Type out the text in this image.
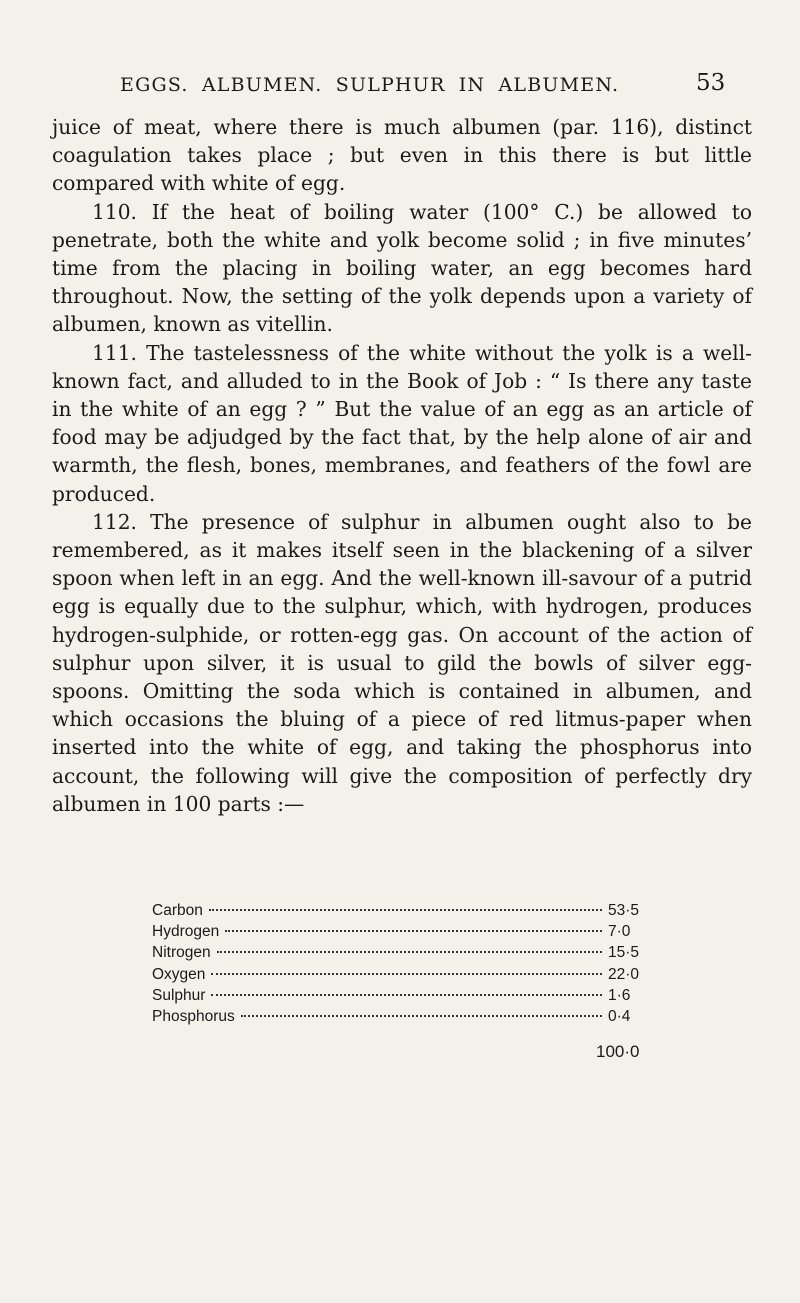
EGGS. ALBUMEN. SULPHUR IN ALBUMEN.	53

juice of meat, where there is much albumen (par. 116), distinct coagulation takes place ; but even in this there is but little compared with white of egg.

110. If the heat of boiling water (100° C.) be allowed to penetrate, both the white and yolk become solid ; in five minutes’ time from the placing in boiling water, an egg becomes hard throughout. Now, the setting of the yolk depends upon a variety of albumen, known as vitellin.

111. The tastelessness of the white without the yolk is a well-known fact, and alluded to in the Book of Job : “ Is there any taste in the white of an egg ? ” But the value of an egg as an article of food may be adjudged by the fact that, by the help alone of air and warmth, the flesh, bones, membranes, and feathers of the fowl are produced.

112. The presence of sulphur in albumen ought also to be remembered, as it makes itself seen in the blackening of a silver spoon when left in an egg. And the well-known ill-savour of a putrid egg is equally due to the sulphur, which, with hydrogen, produces hydrogen-sulphide, or rotten-egg gas. On account of the action of sulphur upon silver, it is usual to gild the bowls of silver egg-spoons. Omitting the soda which is contained in albumen, and which occasions the bluing of a piece of red litmus-paper when inserted into the white of egg, and taking the phosphorus into account, the following will give the composition of perfectly dry albumen in 100 parts :—

Carbon	53·5
Hydrogen	7·0
Nitrogen	15·5
Oxygen	22·0
Sulphur	1·6
Phosphorus	0·4
100·0
